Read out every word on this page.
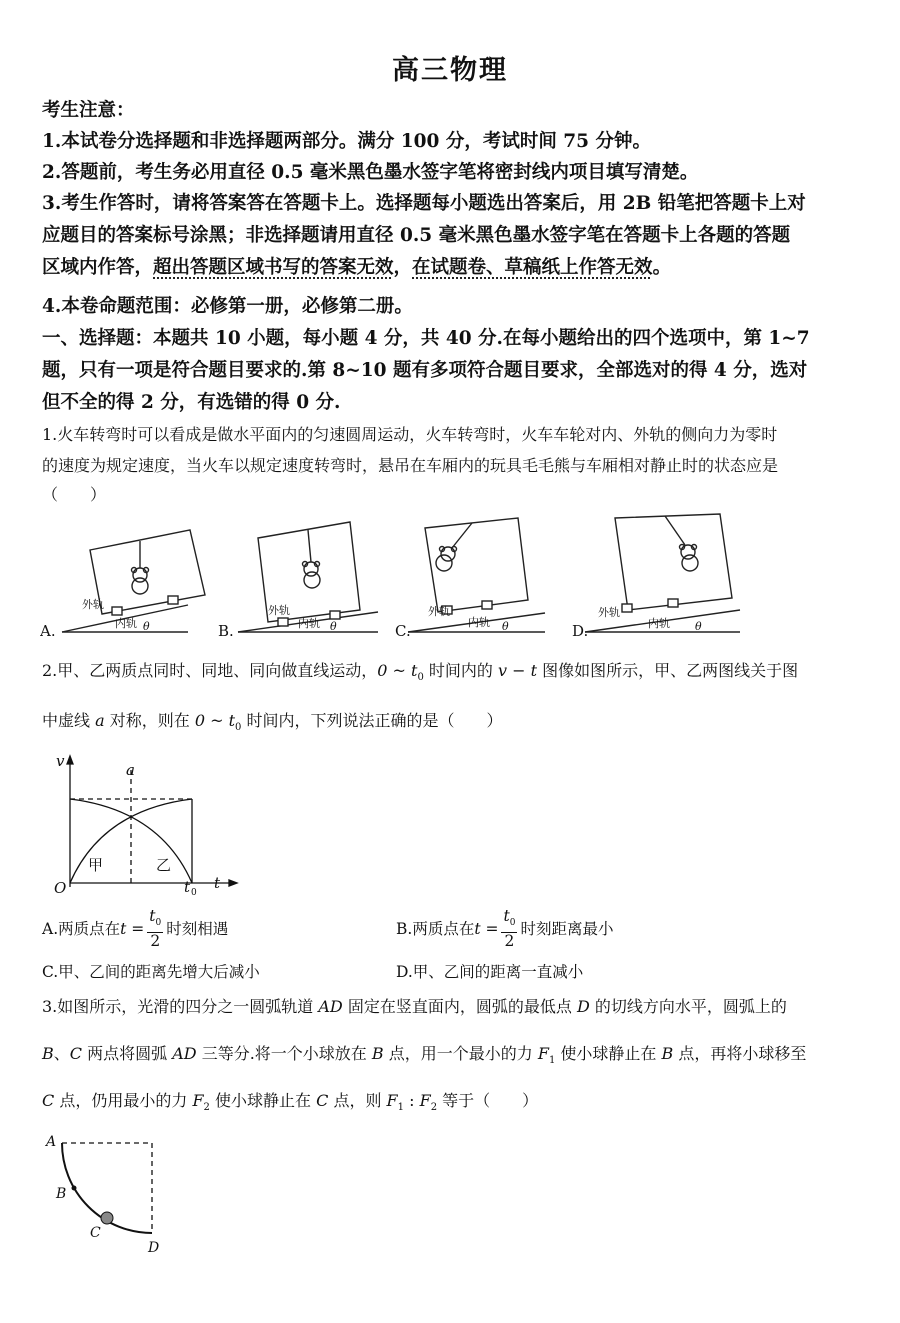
高三物理
考生注意：
1.本试卷分选择题和非选择题两部分。满分 100 分，考试时间 75 分钟。
2.答题前，考生务必用直径 0.5 毫米黑色墨水签字笔将密封线内项目填写清楚。
3.考生作答时，请将答案答在答题卡上。选择题每小题选出答案后，用 2B 铅笔把答题卡上对
应题目的答案标号涂黑；非选择题请用直径 0.5 毫米黑色墨水签字笔在答题卡上各题的答题
区域内作答，超出答题区域书写的答案无效，在试题卷、草稿纸上作答无效。
4.本卷命题范围：必修第一册，必修第二册。
一、选择题：本题共 10 小题，每小题 4 分，共 40 分.在每小题给出的四个选项中，第 1~7
题，只有一项是符合题目要求的.第 8~10 题有多项符合题目要求，全部选对的得 4 分，选对
但不全的得 2 分，有选错的得 0 分.
1.火车转弯时可以看成是做水平面内的匀速圆周运动，火车转弯时，火车车轮对内、外轨的侧向力为零时
的速度为规定速度，当火车以规定速度转弯时，悬吊在车厢内的玩具毛毛熊与车厢相对静止时的状态应是
（　　）
A.	B.	C.	D.
外轨
内轨 θ
外轨
内轨 θ
外轨
内轨 θ
外轨
内轨 θ
2.甲、乙两质点同时、同地、同向做直线运动，0 ~ $t_0$ 时间内的 v − t 图像如图所示，甲、乙两图线关于图
中虚线 a 对称，则在 0 ~ $t_0$ 时间内，下列说法正确的是（　　）
v	a
O
甲	乙
t 0
t
A.两质点在 $t = \frac{t_0}{2}$ 时刻相遇	B.两质点在 $t = \frac{t_0}{2}$ 时刻距离最小
C.甲、乙间的距离先增大后减小	D.甲、乙间的距离一直减小
3.如图所示，光滑的四分之一圆弧轨道 AD 固定在竖直面内，圆弧的最低点 D 的切线方向水平，圆弧上的
B、C 两点将圆弧 AD 三等分.将一个小球放在 B 点，用一个最小的力 $F_1$ 使小球静止在 B 点，再将小球移至
C 点，仍用最小的力 $F_2$ 使小球静止在 C 点，则 $F_1$ : $F_2$ 等于（　　）
A
B
C
D
